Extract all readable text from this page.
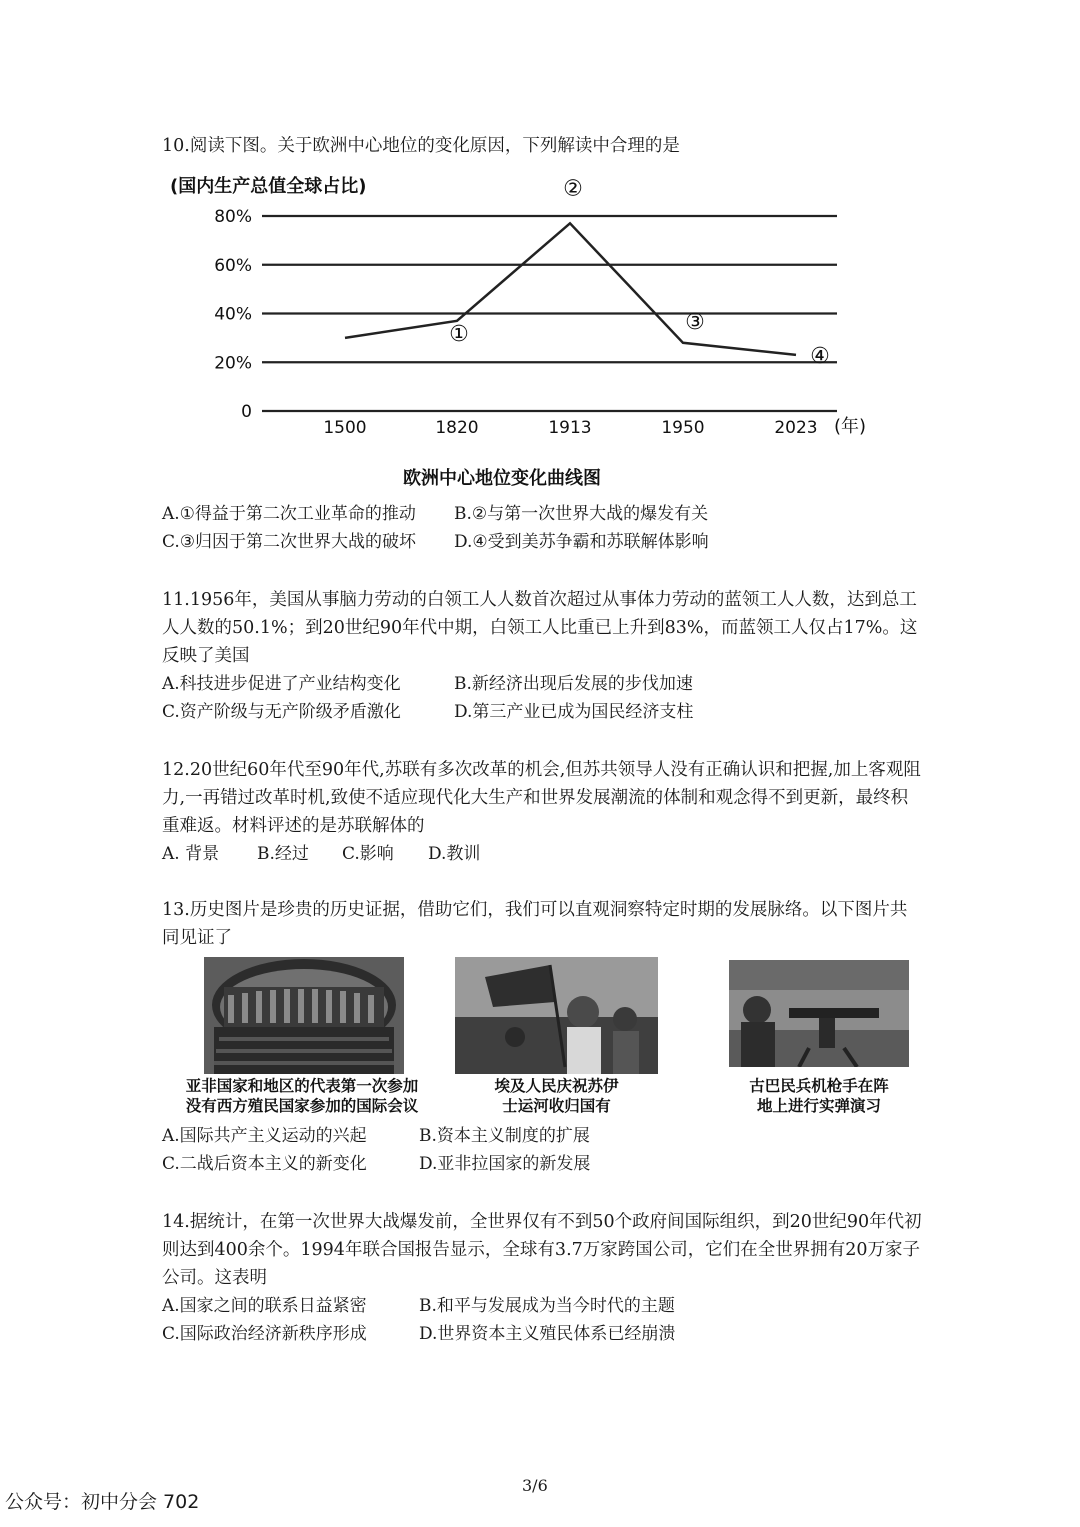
10.阅读下图。关于欧洲中心地位的变化原因，下列解读中合理的是
(国内生产总值全球占比)
0
20%
40%
60%
80%
1500	1820	1913	1950	2023
①
②
③
④
(年)
欧洲中心地位变化曲线图
A.①得益于第二次工业革命的推动 B.②与第一次世界大战的爆发有关
C.③归因于第二次世界大战的破坏 D.④受到美苏争霸和苏联解体影响
11.1956年，美国从事脑力劳动的白领工人人数首次超过从事体力劳动的蓝领工人人数，达到总工人人数的50.1%；到20世纪90年代中期，白领工人比重已上升到83%，而蓝领工人仅占17%。这反映了美国
A.科技进步促进了产业结构变化	B.新经济出现后发展的步伐加速
C.资产阶级与无产阶级矛盾激化	D.第三产业已成为国民经济支柱
12.20世纪60年代至90年代,苏联有多次改革的机会,但苏共领导人没有正确认识和把握,加上客观阻力,一再错过改革时机,致使不适应现代化大生产和世界发展潮流的体制和观念得不到更新，最终积重难返。材料评述的是苏联解体的
A. 背景 B.经过 C.影响 D.教训
13.历史图片是珍贵的历史证据，借助它们，我们可以直观洞察特定时期的发展脉络。以下图片共同见证了
亚非国家和地区的代表第一次参加
没有西方殖民国家参加的国际会议
埃及人民庆祝苏伊
士运河收归国有
古巴民兵机枪手在阵
地上进行实弹演习
A.国际共产主义运动的兴起	B.资本主义制度的扩展
C.二战后资本主义的新变化	D.亚非拉国家的新发展
14.据统计，在第一次世界大战爆发前，全世界仅有不到50个政府间国际组织，到20世纪90年代初则达到400余个。1994年联合国报告显示，全球有3.7万家跨国公司，它们在全世界拥有20万家子公司。这表明
A.国家之间的联系日益紧密	B.和平与发展成为当今时代的主题
C.国际政治经济新秩序形成	D.世界资本主义殖民体系已经崩溃
3/6
公众号：初中分会 702
